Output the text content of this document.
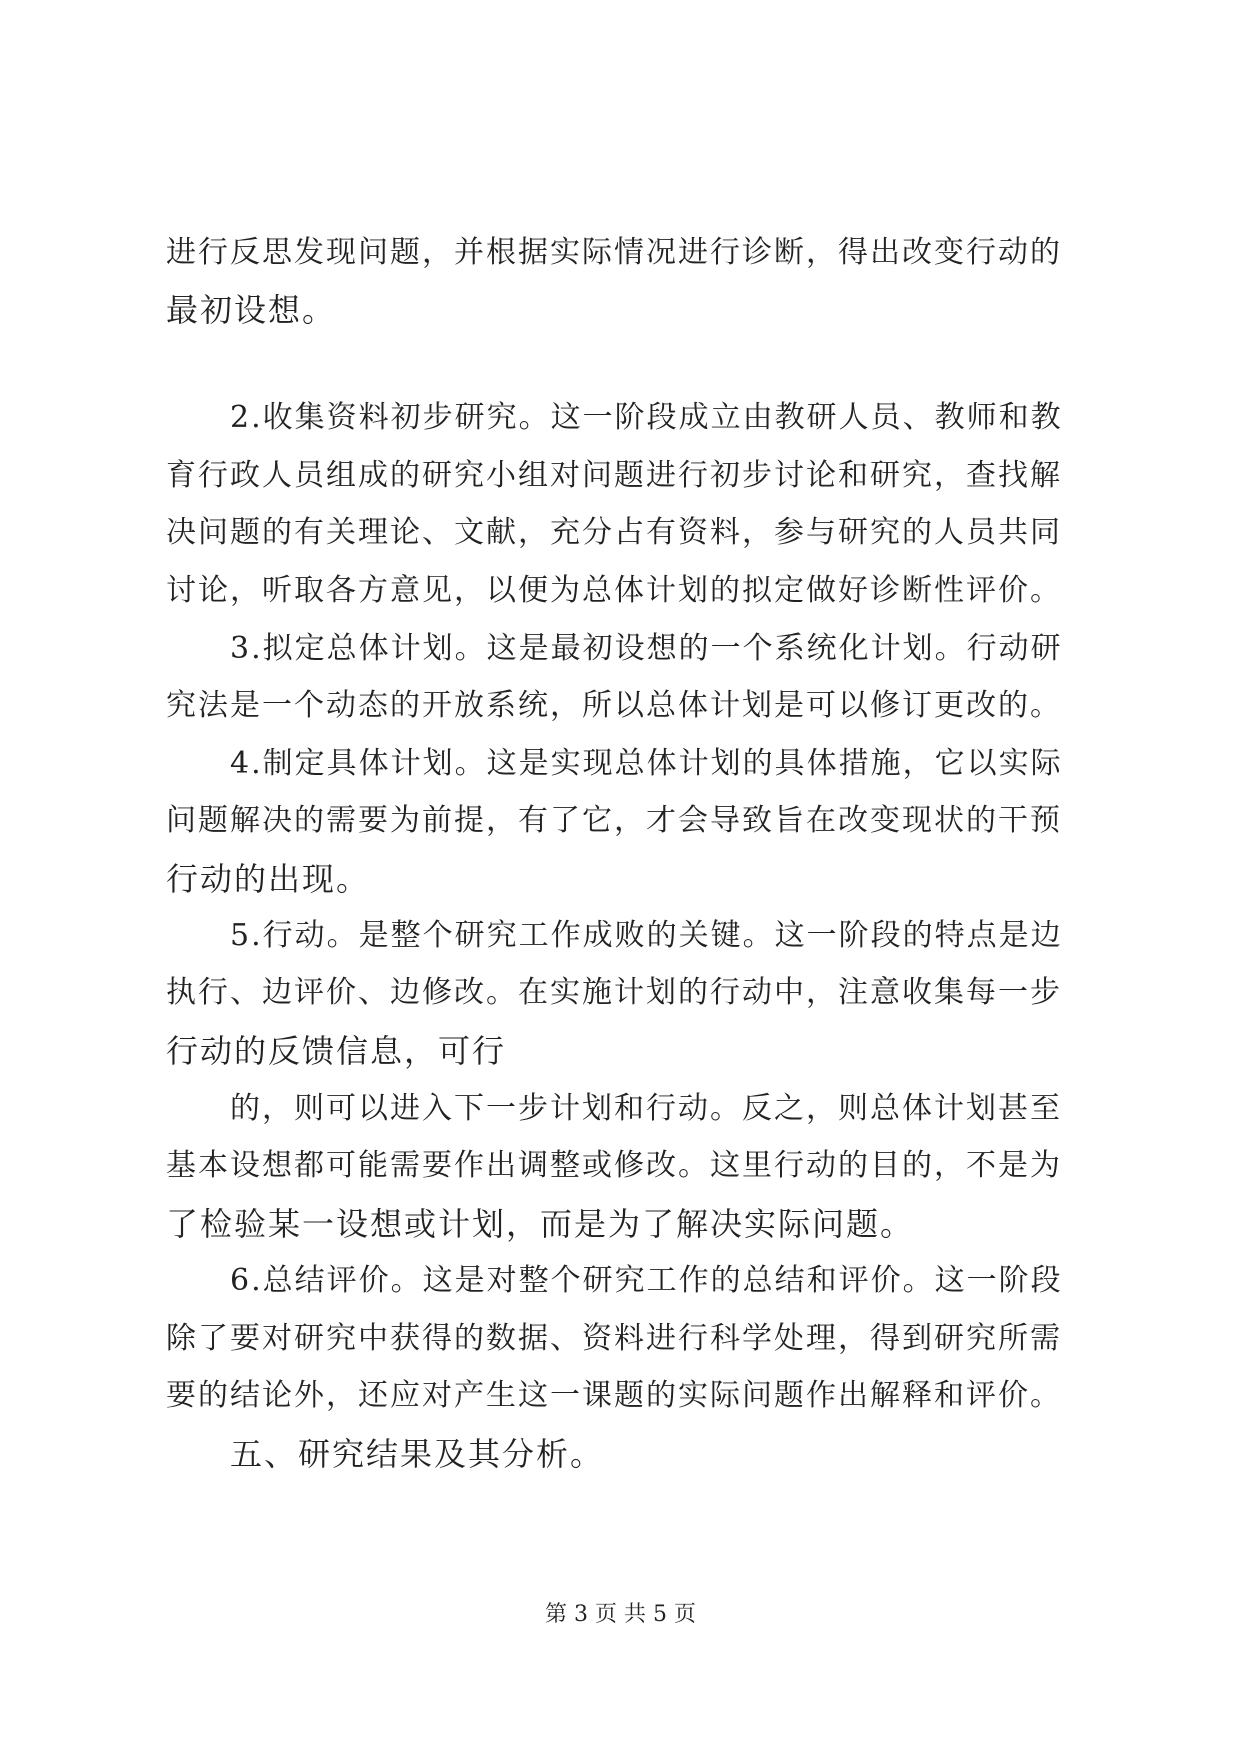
进行反思发现问题，并根据实际情况进行诊断，得出改变行动的
最初设想。
2.收集资料初步研究。这一阶段成立由教研人员、教师和教
育行政人员组成的研究小组对问题进行初步讨论和研究，查找解
决问题的有关理论、文献，充分占有资料，参与研究的人员共同
讨论，听取各方意见，以便为总体计划的拟定做好诊断性评价。
3.拟定总体计划。这是最初设想的一个系统化计划。行动研
究法是一个动态的开放系统，所以总体计划是可以修订更改的。
4.制定具体计划。这是实现总体计划的具体措施，它以实际
问题解决的需要为前提，有了它，才会导致旨在改变现状的干预
行动的出现。
5.行动。是整个研究工作成败的关键。这一阶段的特点是边
执行、边评价、边修改。在实施计划的行动中，注意收集每一步
行动的反馈信息，可行
的，则可以进入下一步计划和行动。反之，则总体计划甚至
基本设想都可能需要作出调整或修改。这里行动的目的，不是为
了检验某一设想或计划，而是为了解决实际问题。
6.总结评价。这是对整个研究工作的总结和评价。这一阶段
除了要对研究中获得的数据、资料进行科学处理，得到研究所需
要的结论外，还应对产生这一课题的实际问题作出解释和评价。
五、研究结果及其分析。
第 3 页 共 5 页
